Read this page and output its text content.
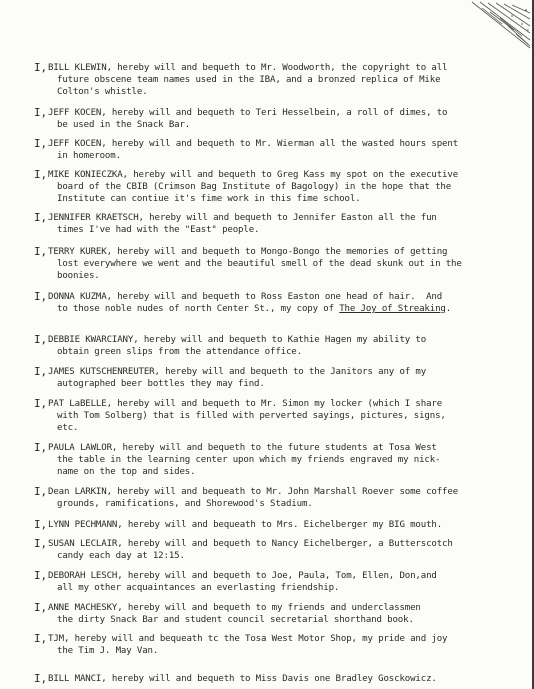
I, BILL KLEWIN, hereby will and bequeth to Mr. Woodworth, the copyright to all
future obscene team names used in the IBA, and a bronzed replica of Mike
Colton's whistle.
I, JEFF KOCEN, hereby will and bequeth to Teri Hesselbein, a roll of dimes, to
be used in the Snack Bar.
I, JEFF KOCEN, hereby will and bequeth to Mr. Wierman all the wasted hours spent
in homeroom.
I, MIKE KONIECZKA, hereby will and bequeth to Greg Kass my spot on the executive
board of the CBIB (Crimson Bag Institute of Bagology) in the hope that the
Institute can contiue it's fime work in this fime school.
I, JENNIFER KRAETSCH, hereby will and bequeth to Jennifer Easton all the fun
times I've had with the "East" people.
I, TERRY KUREK, hereby will and bequeth to Mongo-Bongo the memories of getting
lost everywhere we went and the beautiful smell of the dead skunk out in the
boonies.
I, DONNA KUZMA, hereby will and bequeth to Ross Easton one head of hair.  And
to those noble nudes of north Center St., my copy of The Joy of Streaking.
I, DEBBIE KWARCIANY, hereby will and bequeth to Kathie Hagen my ability to
obtain green slips from the attendance office.
I, JAMES KUTSCHENREUTER, hereby will and bequeth to the Janitors any of my
autographed beer bottles they may find.
I, PAT LaBELLE, hereby will and bequeth to Mr. Simon my locker (which I share
with Tom Solberg) that is filled with perverted sayings, pictures, signs,
etc.
I, PAULA LAWLOR, hereby will and bequeth to the future students at Tosa West
the table in the learning center upon which my friends engraved my nick-
name on the top and sides.
I, Dean LARKIN, hereby will and bequeath to Mr. John Marshall Roever some coffee
grounds, ramifications, and Shorewood's Stadium.
I, LYNN PECHMANN, hereby will and bequeath to Mrs. Eichelberger my BIG mouth.
I, SUSAN LECLAIR, hereby will and bequeth to Nancy Eichelberger, a Butterscotch
candy each day at 12:15.
I, DEBORAH LESCH, hereby will and bequeth to Joe, Paula, Tom, Ellen, Don,and
all my other acquaintances an everlasting friendship.
I, ANNE MACHESKY, hereby will and bequeth to my friends and underclassmen
the dirty Snack Bar and student council secretarial shorthand book.
I, TJM, hereby will and bequeath tc the Tosa West Motor Shop, my pride and joy
the Tim J. May Van.
I, BILL MANCI, hereby will and bequeth to Miss Davis one Bradley Gosckowicz.
